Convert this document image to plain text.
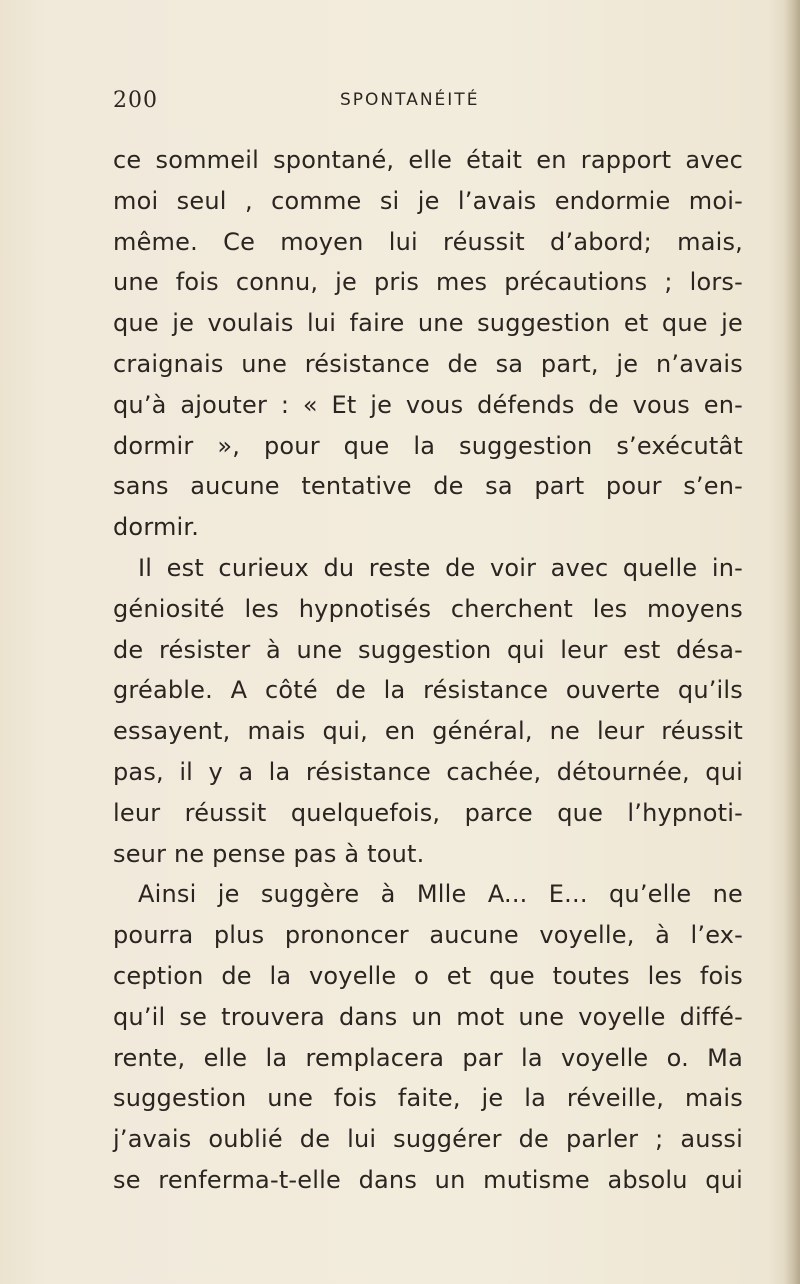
200	SPONTANÉITÉ
ce sommeil spontané, elle était en rapport avec
moi seul , comme si je l’avais endormie moi-
même. Ce moyen lui réussit d’abord; mais,
une fois connu, je pris mes précautions ; lors-
que je voulais lui faire une suggestion et que je
craignais une résistance de sa part, je n’avais
qu’à ajouter : « Et je vous défends de vous en-
dormir », pour que la suggestion s’exécutât
sans aucune tentative de sa part pour s’en-
dormir.
Il est curieux du reste de voir avec quelle in-
géniosité les hypnotisés cherchent les moyens
de résister à une suggestion qui leur est désa-
gréable. A côté de la résistance ouverte qu’ils
essayent, mais qui, en général, ne leur réussit
pas, il y a la résistance cachée, détournée, qui
leur réussit quelquefois, parce que l’hypnoti-
seur ne pense pas à tout.
Ainsi je suggère à Mlle A... E... qu’elle ne
pourra plus prononcer aucune voyelle, à l’ex-
ception de la voyelle o et que toutes les fois
qu’il se trouvera dans un mot une voyelle diffé-
rente, elle la remplacera par la voyelle o. Ma
suggestion une fois faite, je la réveille, mais
j’avais oublié de lui suggérer de parler ; aussi
se renferma-t-elle dans un mutisme absolu qui
